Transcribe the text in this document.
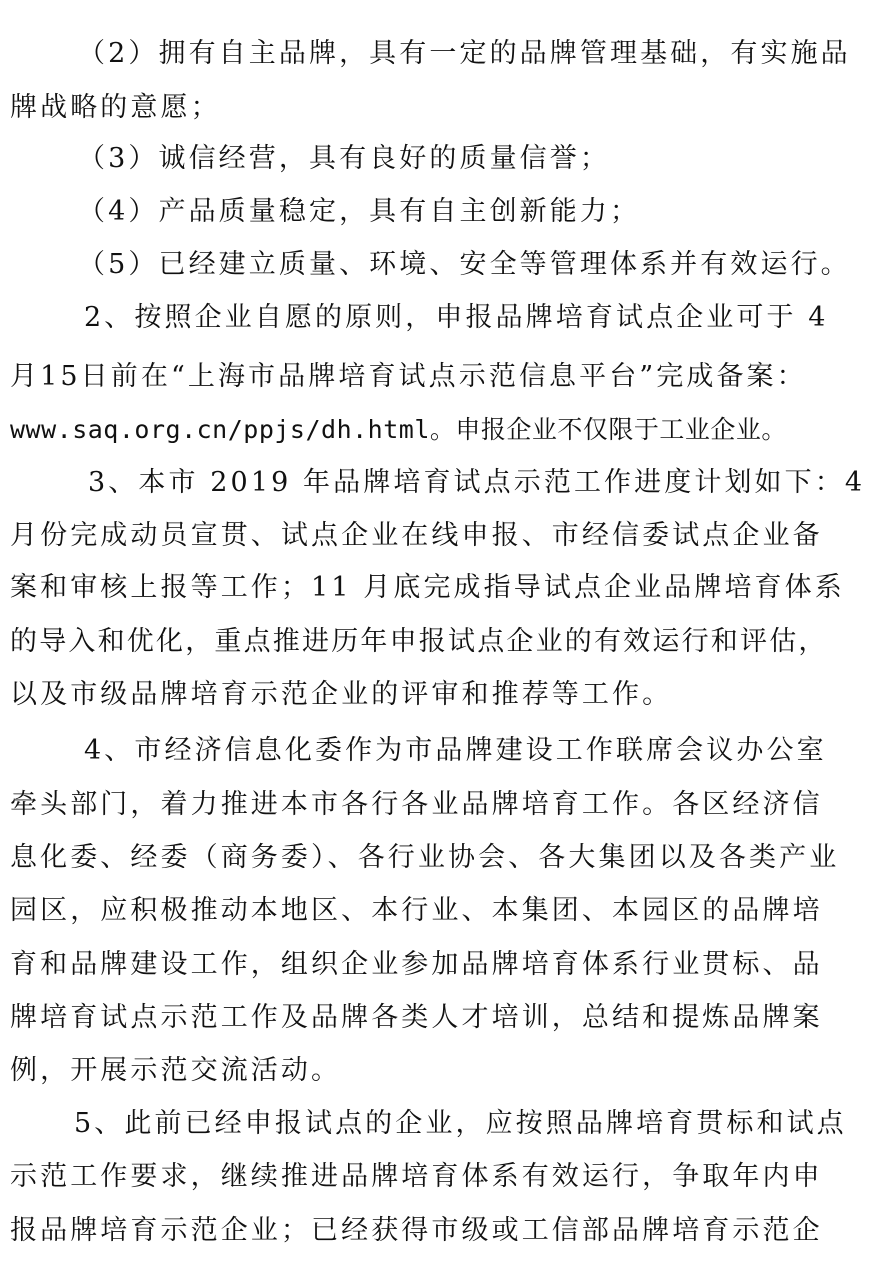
（2）拥有自主品牌，具有一定的品牌管理基础，有实施品
牌战略的意愿；
（3）诚信经营，具有良好的质量信誉；
（4）产品质量稳定，具有自主创新能力；
（5）已经建立质量、环境、安全等管理体系并有效运行。
2、按照企业自愿的原则，申报品牌培育试点企业可于 4
月15日前在“上海市品牌培育试点示范信息平台”完成备案：
www.saq.org.cn/ppjs/dh.html。申报企业不仅限于工业企业。
3、本市 2019 年品牌培育试点示范工作进度计划如下：4
月份完成动员宣贯、试点企业在线申报、市经信委试点企业备
案和审核上报等工作；11 月底完成指导试点企业品牌培育体系
的导入和优化，重点推进历年申报试点企业的有效运行和评估，
以及市级品牌培育示范企业的评审和推荐等工作。
4、市经济信息化委作为市品牌建设工作联席会议办公室
牵头部门，着力推进本市各行各业品牌培育工作。各区经济信
息化委、经委（商务委）、各行业协会、各大集团以及各类产业
园区，应积极推动本地区、本行业、本集团、本园区的品牌培
育和品牌建设工作，组织企业参加品牌培育体系行业贯标、品
牌培育试点示范工作及品牌各类人才培训，总结和提炼品牌案
例，开展示范交流活动。
5、此前已经申报试点的企业，应按照品牌培育贯标和试点
示范工作要求，继续推进品牌培育体系有效运行，争取年内申
报品牌培育示范企业；已经获得市级或工信部品牌培育示范企
